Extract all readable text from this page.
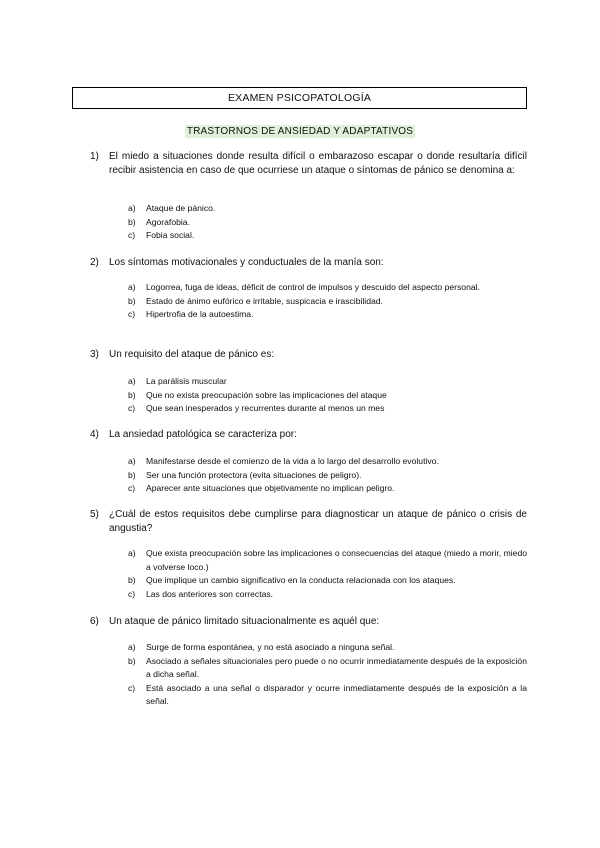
EXAMEN PSICOPATOLOGÍA
TRASTORNOS DE ANSIEDAD Y ADAPTATIVOS
1) El miedo a situaciones donde resulta difícil o embarazoso escapar o donde resultaría difícil recibir asistencia en caso de que ocurriese un ataque o síntomas de pánico se denomina a:
a) Ataque de pánico.
b) Agorafobia.
c) Fobia social.
2) Los síntomas motivacionales y conductuales de la manía son:
a) Logorrea, fuga de ideas, déficit de control de impulsos y descuido del aspecto personal.
b) Estado de ánimo eufórico e irritable, suspicacia e irascibilidad.
c) Hipertrofia de la autoestima.
3) Un requisito del ataque de pánico es:
a) La parálisis muscular
b) Que no exista preocupación sobre las implicaciones del ataque
c) Que sean inesperados y recurrentes durante al menos un mes
4) La ansiedad patológica se caracteriza por:
a) Manifestarse desde el comienzo de la vida a lo largo del desarrollo evolutivo.
b) Ser una función protectora (evita situaciones de peligro).
c) Aparecer ante situaciones que objetivamente no implican peligro.
5) ¿Cuál de estos requisitos debe cumplirse para diagnosticar un ataque de pánico o crisis de angustia?
a) Que exista preocupación sobre las implicaciones o consecuencias del ataque (miedo a morir, miedo a volverse loco.)
b) Que implique un cambio significativo en la conducta relacionada con los ataques.
c) Las dos anteriores son correctas.
6) Un ataque de pánico limitado situacionalmente es aquél que:
a) Surge de forma espontánea, y no está asociado a ninguna señal.
b) Asociado a señales situacionales pero puede o no ocurrir inmediatamente después de la exposición a dicha señal.
c) Está asociado a una señal o disparador y ocurre inmediatamente después de la exposición a la señal.
